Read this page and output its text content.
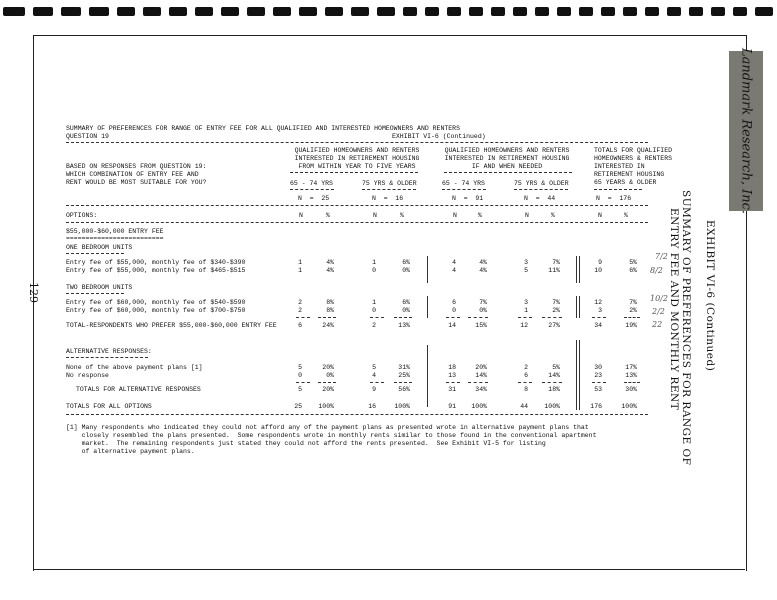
Landmark Research, Inc.
129	EXHIBIT VI-6 (Continued)
SUMMARY OF PREFERENCES FOR RANGE OF
ENTRY FEE AND MONTHLY RENT
7/2
8/2
10/2
2/2
22
SUMMARY OF PREFERENCES FOR RANGE OF ENTRY FEE FOR ALL QUALIFIED AND INTERESTED HOMEOWNERS AND RENTERS
QUESTION 19	EXHIBIT VI-6 (Continued)
BASED ON RESPONSES FROM QUESTION 19:
WHICH COMBINATION OF ENTRY FEE AND
RENT WOULD BE MOST SUITABLE FOR YOU?
QUALIFIED HOMEOWNERS AND RENTERS
INTERESTED IN RETIREMENT HOUSING
FROM WITHIN YEAR TO FIVE YEARS
QUALIFIED HOMEOWNERS AND RENTERS
INTERESTED IN RETIREMENT HOUSING
IF AND WHEN NEEDED
TOTALS FOR QUALIFIED
HOMEOWNERS & RENTERS
INTERESTED IN
RETIREMENT HOUSING
65 YEARS & OLDER
65 - 74 YRS	75 YRS & OLDER	65 - 74 YRS	75 YRS & OLDER
N  =  25	N  =  16	N  =  91	N  =  44	N  =  176
OPTIONS:	N	%	N	%	N	%	N	%	N	%
$55,000-$60,000 ENTRY FEE
=========================
ONE BEDROOM UNITS
TWO BEDROOM UNITS
ALTERNATIVE RESPONSES:
Entry fee of $55,000, monthly fee of $340-$390	1	4%	1	6%	4	4%	3	7%	9	5%
Entry fee of $55,000, monthly fee of $465-$515	1	4%	0	0%	4	4%	5	11%	10	6%
Entry fee of $60,000, monthly fee of $540-$590	2	8%	1	6%	6	7%	3	7%	12	7%
Entry fee of $60,000, monthly fee of $700-$750	2	8%	0	0%	0	0%	1	2%	3	2%
TOTAL-RESPONDENTS WHO PREFER $55,000-$60,000 ENTRY FEE	6	24%	2	13%	14	15%	12	27%	34	19%
None of the above payment plans [1]	5	20%	5	31%	18	20%	2	5%	30	17%
No response	0	0%	4	25%	13	14%	6	14%	23	13%
TOTALS FOR ALTERNATIVE RESPONSES	5	20%	9	56%	31	34%	8	18%	53	30%
TOTALS FOR ALL OPTIONS	25	100%	16	100%	91	100%	44	100%	176	100%
[1] Many respondents who indicated they could not afford any of the payment plans as presented wrote in alternative payment plans that
closely resembled the plans presented.  Some respondents wrote in monthly rents similar to those found in the conventional apartment
market.  The remaining respondents just stated they could not afford the rents presented.  See Exhibit VI-5 for listing
of alternative payment plans.
